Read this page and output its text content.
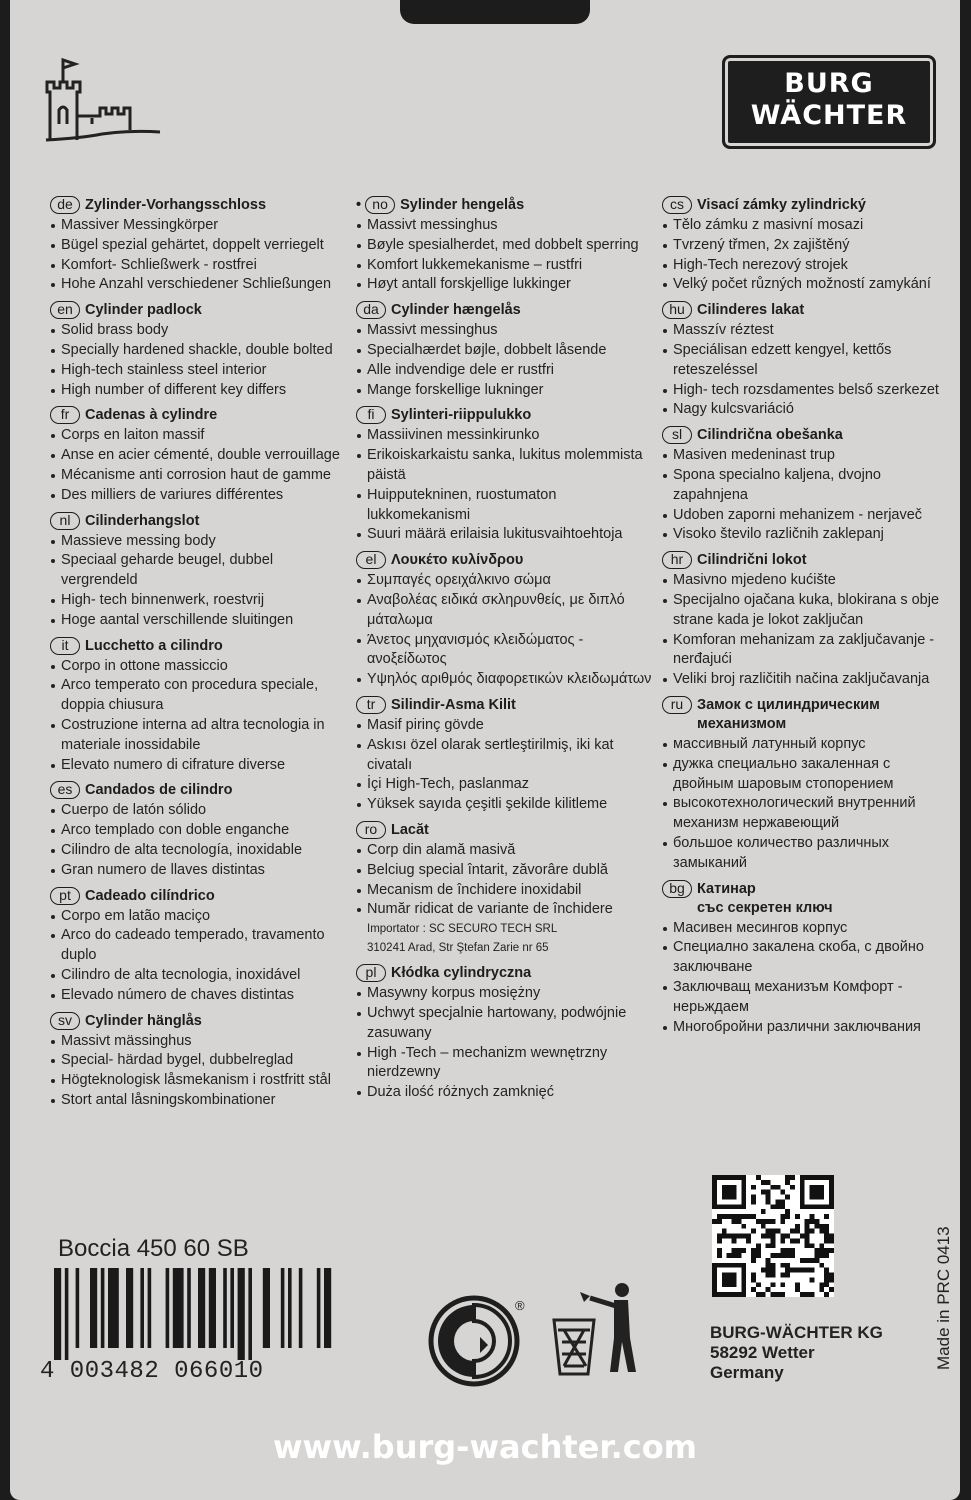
BURG
WÄCHTER
de Zylinder-Vorhangsschloss
Massiver Messingkörper
Bügel spezial gehärtet, doppelt verriegelt
Komfort- Schließwerk - rostfrei
Hohe Anzahl verschiedener Schließungen
en Cylinder padlock
Solid brass body
Specially hardened shackle, double bolted
High-tech stainless steel interior
High number of different key differs
fr	Cadenas à cylindre
Corps en laiton massif
Anse en acier cémenté, double verrouillage
Mécanisme anti corrosion haut de gamme
Des milliers de variures différentes
nl	Cilinderhangslot
Massieve messing body
Speciaal geharde beugel, dubbel vergrendeld
High- tech binnenwerk, roestvrij
Hoge aantal verschillende sluitingen
it	Lucchetto a cilindro
Corpo in ottone massiccio
Arco temperato con procedura speciale, doppia chiusura
Costruzione interna ad altra tecnologia in materiale inossidabile
Elevato numero di cifrature diverse
es Candados de cilindro
Cuerpo de latón sólido
Arco templado con doble enganche
Cilindro de alta tecnología, inoxidable
Gran numero de llaves distintas
pt Cadeado cilíndrico
Corpo em latão maciço
Arco do cadeado temperado, travamento duplo
Cilindro de alta tecnologia, inoxidável
Elevado número de chaves distintas
sv Cylinder hänglås
Massivt mässinghus
Special- härdad bygel, dubbelreglad
Högteknologisk låsmekanism i rostfritt stål
Stort antal låsningskombinationer
• no Sylinder hengelås
Massivt messinghus
Bøyle spesialherdet, med dobbelt sperring
Komfort lukkemekanisme – rustfri
Høyt antall forskjellige lukkinger
da Cylinder hængelås
Massivt messinghus
Specialhærdet bøjle, dobbelt låsende
Alle indvendige dele er rustfri
Mange forskellige lukninger
fi	Sylinteri-riippulukko
Massiivinen messinkirunko
Erikoiskarkaistu sanka, lukitus molemmista päistä
Huipputekninen, ruostumaton lukkomekanismi
Suuri määrä erilaisia lukitusvaihtoehtoja
el	Λουκέτο κυλίνδρου
Συμπαγές ορειχάλκινο σώμα
Αναβολέας ειδικά σκληρυνθείς, με διπλό μάταλωμα
Άνετος μηχανισμός κλειδώματος - ανοξείδωτος
Υψηλός αριθμός διαφορετικών κλειδωμάτων
tr	Silindir-Asma Kilit
Masif pirinç gövde
Askısı özel olarak sertleştirilmiş, iki kat civatalı
İçi High-Tech, paslanmaz
Yüksek sayıda çeşitli şekilde kilitleme
ro Lacăt
Corp din alamă masivă
Belciug special întarit, zăvorâre dublă
Mecanism de închidere inoxidabil
Număr ridicat de variante de închidere
Importator : SC SECURO TECH SRL
310241 Arad, Str Ştefan Zarie nr 65
pl	Kłódka cylindryczna
Masywny korpus mosiężny
Uchwyt specjalnie hartowany, podwójnie zasuwany
High -Tech – mechanizm wewnętrzny nierdzewny
Duża ilość różnych zamknięć
cs Visací zámky zylindrický
Tělo zámku z masivní mosazi
Tvrzený třmen, 2x zajištěný
High-Tech nerezový strojek
Velký počet různých možností zamykání
hu Cilinderes lakat
Masszív réztest
Speciálisan edzett kengyel, kettős reteszeléssel
High- tech rozsdamentes belső szerkezet
Nagy kulcsvariáció
sl	Cilindrična obešanka
Masiven medeninast trup
Spona specialno kaljena, dvojno zapahnjena
Udoben zaporni mehanizem - nerjaveč
Visoko število različnih zaklepanj
hr Cilindrični lokot
Masivno mjedeno kućište
Specijalno ojačana kuka, blokirana s obje strane kada je lokot zaključan
Komforan mehanizam za zaključavanje - nerđajući
Veliki broj različitih načina zaključavanja
ru Замок с цилиндрическим
механизмом
массивный латунный корпус
дужка специально закаленная с двойным шаровым стопорением
высокотехнологический внутренний механизм нержавеющий
большое количество различных замыканий
bg Катинар
със секретен ключ
Масивен месингов корпус
Специално закалена скоба, с двойно заключване
Заключващ механизъм Комфорт - нерьждаем
Многобройни различни заключвания
Boccia 450 60 SB
4 003482 066010
®	Made in PRC 0413
BURG-WÄCHTER KG
58292 Wetter
Germany
www.burg-wachter.com
